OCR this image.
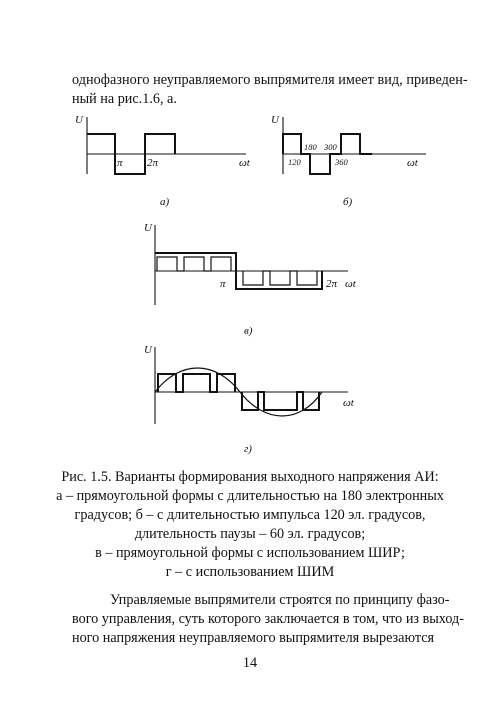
однофазного неуправляемого выпрямителя имеет вид, приведен-
ный на рис.1.6, а.
U
π 2π	ωt
а)
U
180 300
120	360	ωt
б)
U
π	2π ωt
в)
U
ωt
г)
Рис. 1.5. Варианты формирования выходного напряжения АИ:
а – прямоугольной формы с длительностью на 180 электронных
градусов; б – с длительностью импульса 120 эл. градусов,
длительность паузы – 60 эл. градусов;
в – прямоугольной формы с использованием ШИР;
г – с использованием ШИМ
Управляемые выпрямители строятся по принципу фазо-
вого управления, суть которого заключается в том, что из выход-
ного напряжения неуправляемого выпрямителя вырезаются
14
